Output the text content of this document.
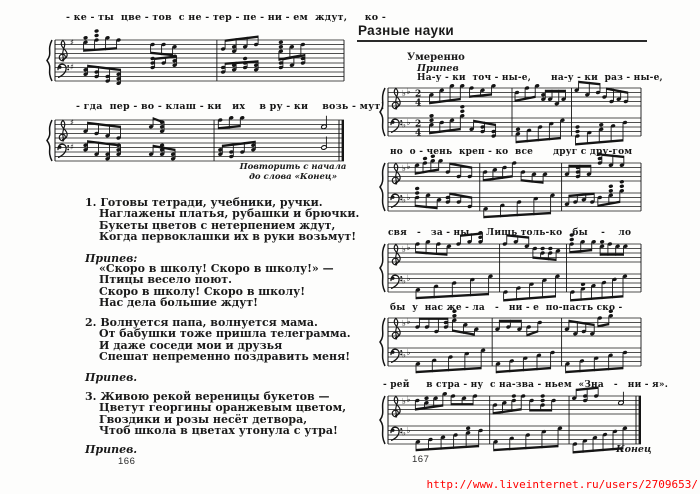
Разные науки
Умеренно
Припев
Повторить с начала
до слова «Конец»
Конец
166	167
http://www.liveinternet.ru/users/2709653/
♯
♯
- ке - ты  цве - тов  с не - тер - пе - ни - ем  ждут,     ко -
♯
♯
- гда  пер - во - клаш - ки   их    в ру - ки    возь - мут!
♭ ♭
♭ ♭
2
4
2
4
На-у - ки  точ - ны-е,      на-у - ки  раз - ны-е,
♭ ♭
♭ ♭
но  о - чень  креп - ко  все      друг с дру-гом
♭ ♭
♭ ♭
свя   -   за - ны.    Лишь толь-ко   бы    -    ло
♭ ♭
♭ ♭
бы  у  нас же - ла   -   ни - е  по-пасть ско -
♭ ♭
♭ ♭
- рей     в стра - ну  с на-зва - ньем  «Зна   -   ни - я».
1. Готовы тетради, учебники, ручки.
Наглажены платья, рубашки и брючки.
Букеты цветов с нетерпением ждут,
Когда первоклашки их в руки возьмут!
Припев:
«Скоро в школу! Скоро в школу!» —
Птицы весело поют.
Скоро в школу! Скоро в школу!
Нас дела большие ждут!
2. Волнуется папа, волнуется мама.
От бабушки тоже пришла телеграмма.
И даже соседи мои и друзья
Спешат непременно поздравить меня!
Припев.
3. Живою рекой вереницы букетов —
Цветут георгины оранжевым цветом,
Гвоздики и розы несёт детвора,
Чтоб школа в цветах утонула с утра!
Припев.
